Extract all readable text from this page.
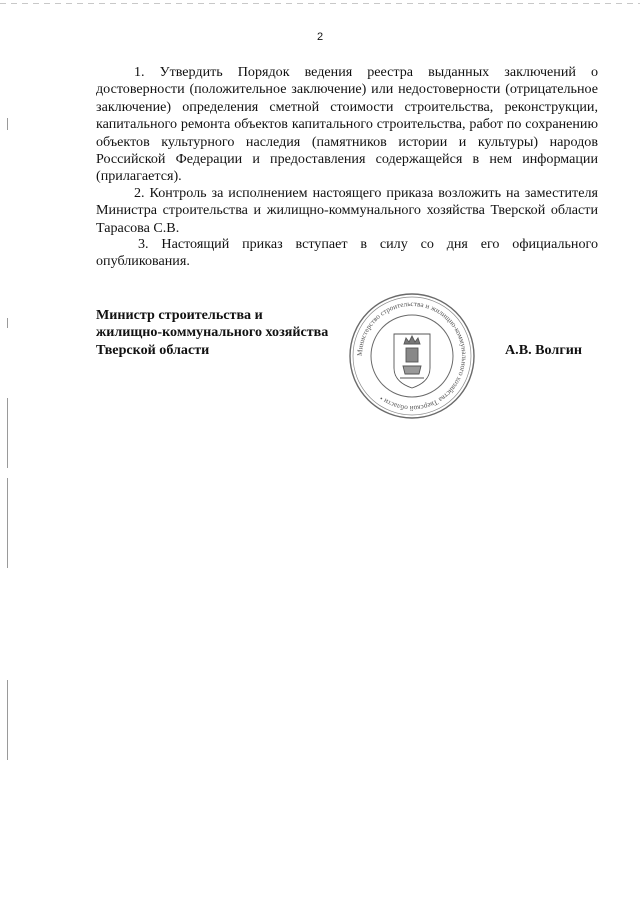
2

1. Утвердить Порядок ведения реестра выданных заключений о достоверности (положительное заключение) или недостоверности (отрицательное заключение) определения сметной стоимости строительства, реконструкции, капитального ремонта объектов капитального строительства, работ по сохранению объектов культурного наследия (памятников истории и культуры) народов Российской Федерации и предоставления содержащейся в нем информации (прилагается).

2. Контроль за исполнением настоящего приказа возложить на заместителя Министра строительства и жилищно-коммунального хозяйства Тверской области Тарасова С.В.

3. Настоящий приказ вступает в силу со дня его официального опубликования.

Министр строительства и
жилищно-коммунального хозяйства
Тверской области	Министерство строительства и жилищно-коммунального хозяйства Тверской области •
А.В. Волгин
